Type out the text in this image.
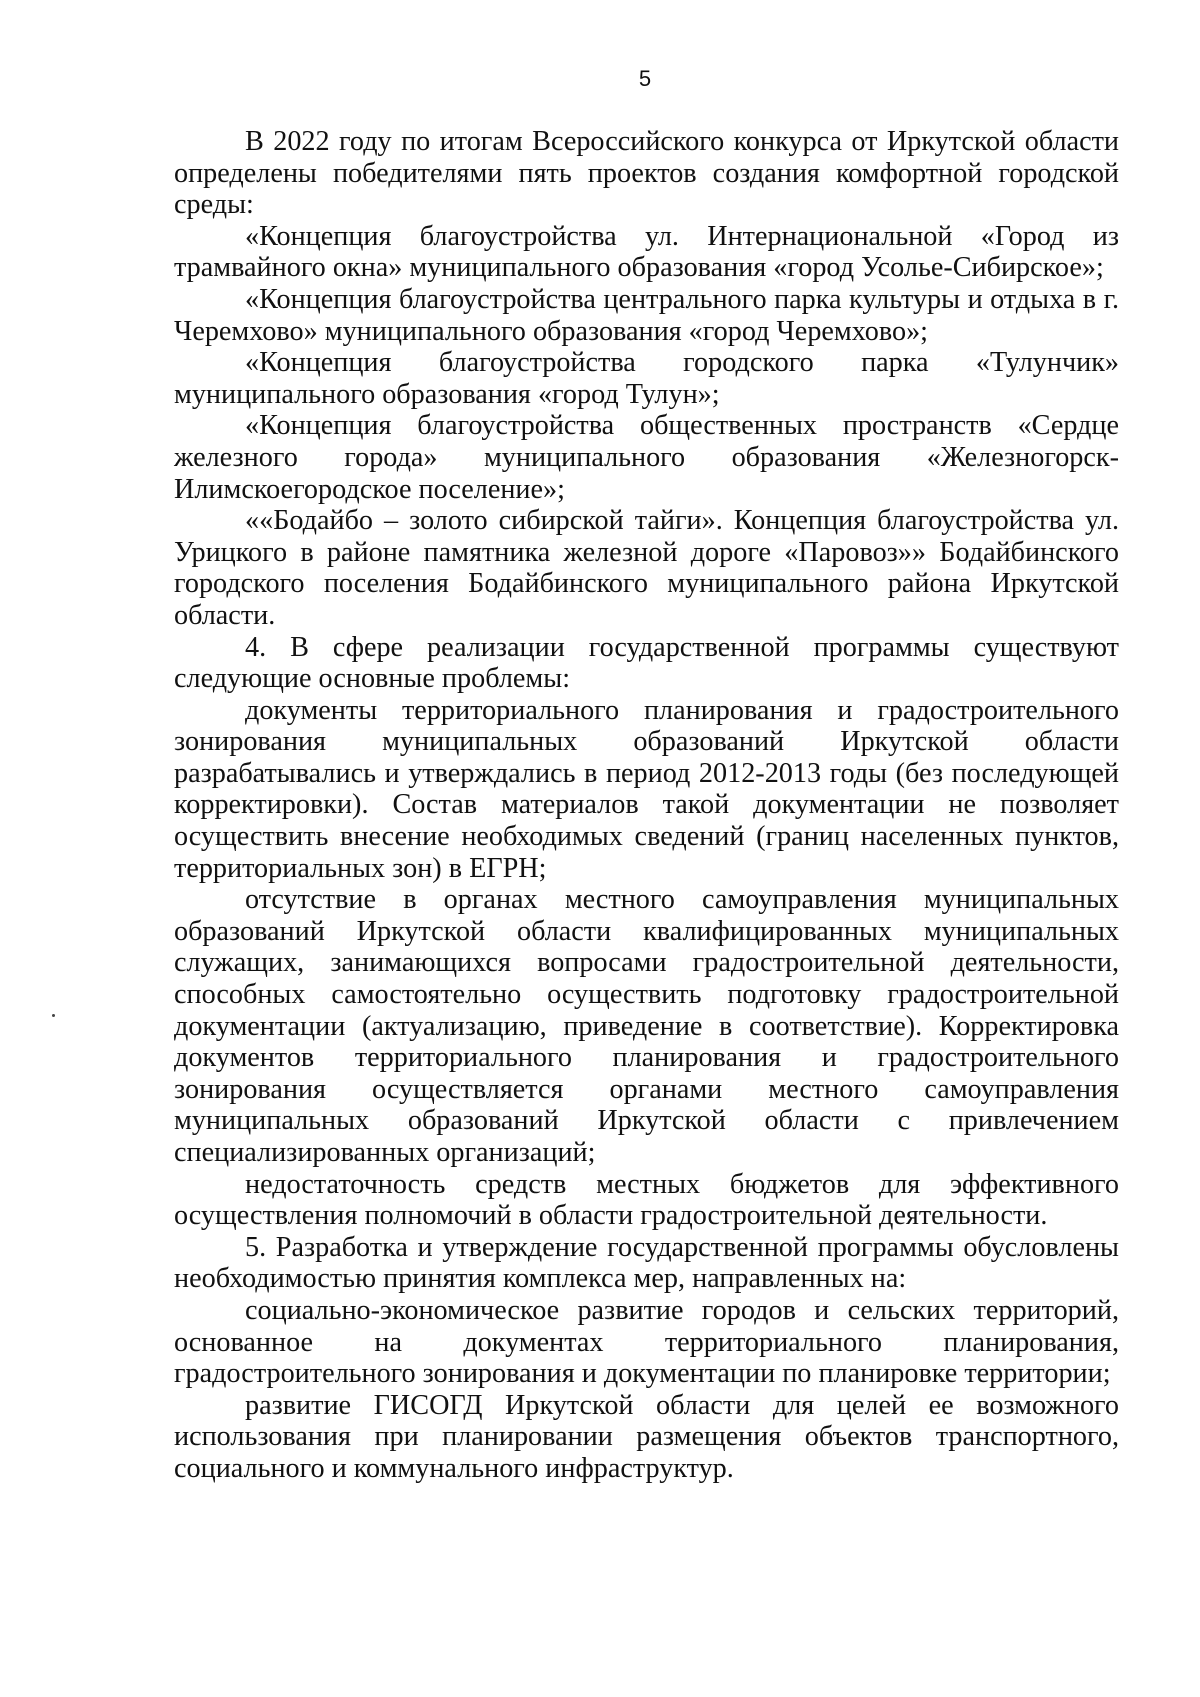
5

В 2022 году по итогам Всероссийского конкурса от Иркутской области определены победителями пять проектов создания комфортной городской среды:

«Концепция благоустройства ул. Интернациональной «Город из трамвайного окна» муниципального образования «город Усолье-Сибирское»;

«Концепция благоустройства центрального парка культуры и отдыха в г. Черемхово» муниципального образования «город Черемхово»;

«Концепция благоустройства городского парка «Тулунчик» муниципального образования «город Тулун»;

«Концепция благоустройства общественных пространств «Сердце железного города» муниципального образования «Железногорск-Илимскоегородское поселение»;

««Бодайбо – золото сибирской тайги». Концепция благоустройства ул. Урицкого в районе памятника железной дороге «Паровоз»» Бодайбинского городского поселения Бодайбинского муниципального района Иркутской области.

4. В сфере реализации государственной программы существуют следующие основные проблемы:

документы территориального планирования и градостроительного зонирования муниципальных образований Иркутской области разрабатывались и утверждались в период 2012-2013 годы (без последующей корректировки). Состав материалов такой документации не позволяет осуществить внесение необходимых сведений (границ населенных пунктов, территориальных зон) в ЕГРН;

отсутствие в органах местного самоуправления муниципальных образований Иркутской области квалифицированных муниципальных служащих, занимающихся вопросами градостроительной деятельности, способных самостоятельно осуществить подготовку градостроительной документации (актуализацию, приведение в соответствие). Корректировка документов территориального планирования и градостроительного зонирования осуществляется органами местного самоуправления муниципальных образований Иркутской области с привлечением специализированных организаций;

недостаточность средств местных бюджетов для эффективного осуществления полномочий в области градостроительной деятельности.

5. Разработка и утверждение государственной программы обусловлены необходимостью принятия комплекса мер, направленных на:

социально-экономическое развитие городов и сельских территорий, основанное на документах территориального планирования, градостроительного зонирования и документации по планировке территории;

развитие ГИСОГД Иркутской области для целей ее возможного использования при планировании размещения объектов транспортного, социального и коммунального инфраструктур.
